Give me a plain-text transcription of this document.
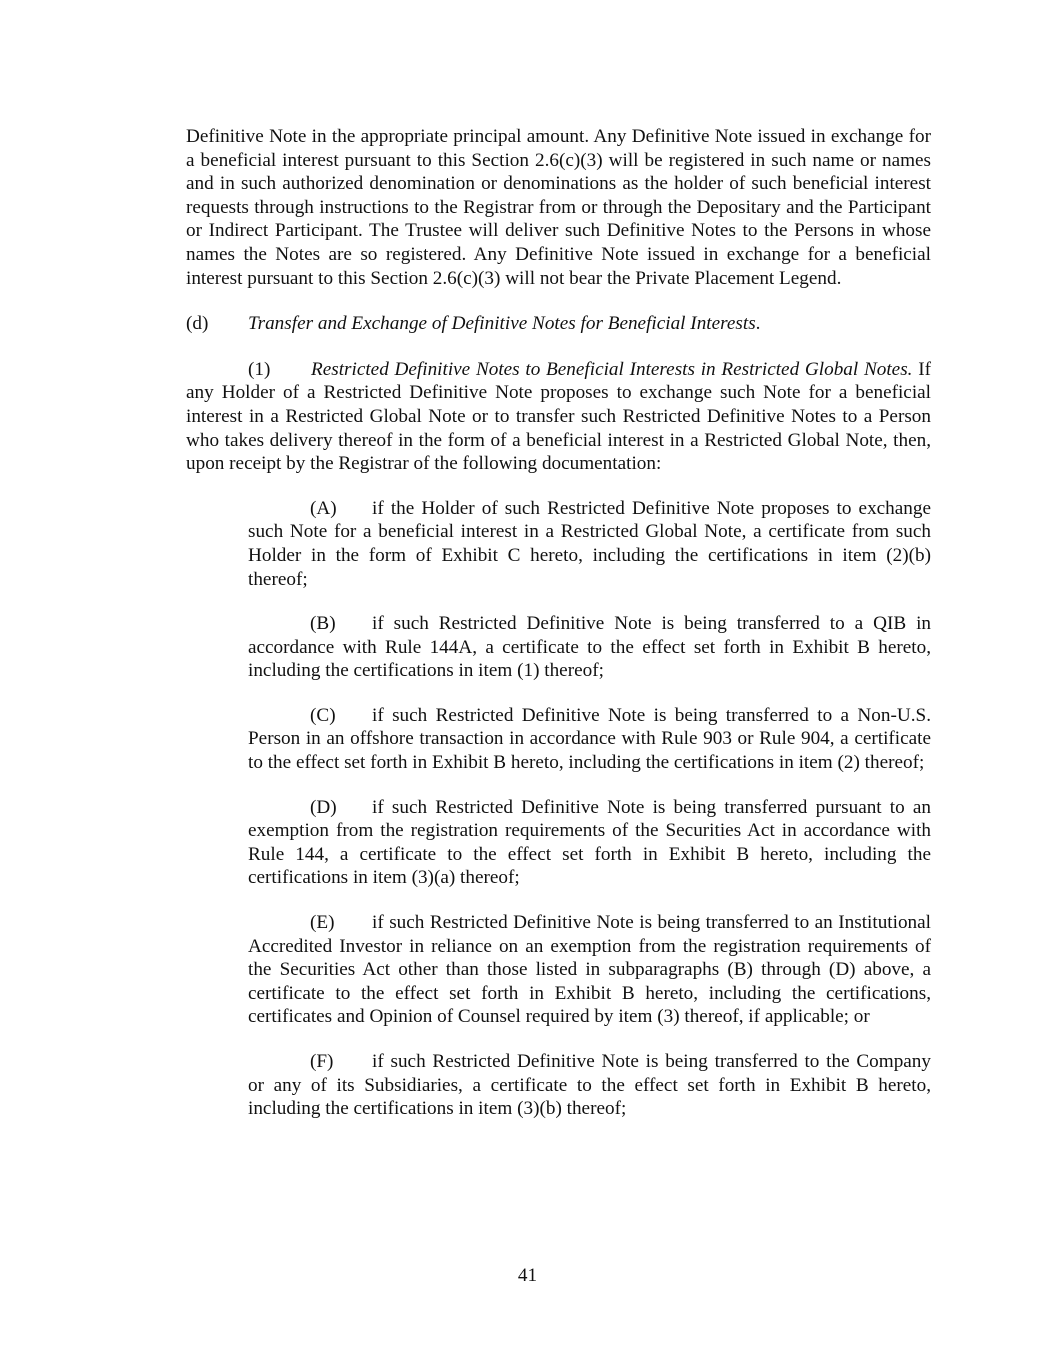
Definitive Note in the appropriate principal amount. Any Definitive Note issued in exchange for a beneficial interest pursuant to this Section 2.6(c)(3) will be registered in such name or names and in such authorized denomination or denominations as the holder of such beneficial interest requests through instructions to the Registrar from or through the Depositary and the Participant or Indirect Participant. The Trustee will deliver such Definitive Notes to the Persons in whose names the Notes are so registered. Any Definitive Note issued in exchange for a beneficial interest pursuant to this Section 2.6(c)(3) will not bear the Private Placement Legend.

(d) Transfer and Exchange of Definitive Notes for Beneficial Interests.

(1) Restricted Definitive Notes to Beneficial Interests in Restricted Global Notes. If any Holder of a Restricted Definitive Note proposes to exchange such Note for a beneficial interest in a Restricted Global Note or to transfer such Restricted Definitive Notes to a Person who takes delivery thereof in the form of a beneficial interest in a Restricted Global Note, then, upon receipt by the Registrar of the following documentation:

(A) if the Holder of such Restricted Definitive Note proposes to exchange such Note for a beneficial interest in a Restricted Global Note, a certificate from such Holder in the form of Exhibit C hereto, including the certifications in item (2)(b) thereof;

(B) if such Restricted Definitive Note is being transferred to a QIB in accordance with Rule 144A, a certificate to the effect set forth in Exhibit B hereto, including the certifications in item (1) thereof;

(C) if such Restricted Definitive Note is being transferred to a Non-U.S. Person in an offshore transaction in accordance with Rule 903 or Rule 904, a certificate to the effect set forth in Exhibit B hereto, including the certifications in item (2) thereof;

(D) if such Restricted Definitive Note is being transferred pursuant to an exemption from the registration requirements of the Securities Act in accordance with Rule 144, a certificate to the effect set forth in Exhibit B hereto, including the certifications in item (3)(a) thereof;

(E) if such Restricted Definitive Note is being transferred to an Institutional Accredited Investor in reliance on an exemption from the registration requirements of the Securities Act other than those listed in subparagraphs (B) through (D) above, a certificate to the effect set forth in Exhibit B hereto, including the certifications, certificates and Opinion of Counsel required by item (3) thereof, if applicable; or

(F) if such Restricted Definitive Note is being transferred to the Company or any of its Subsidiaries, a certificate to the effect set forth in Exhibit B hereto, including the certifications in item (3)(b) thereof;

41
